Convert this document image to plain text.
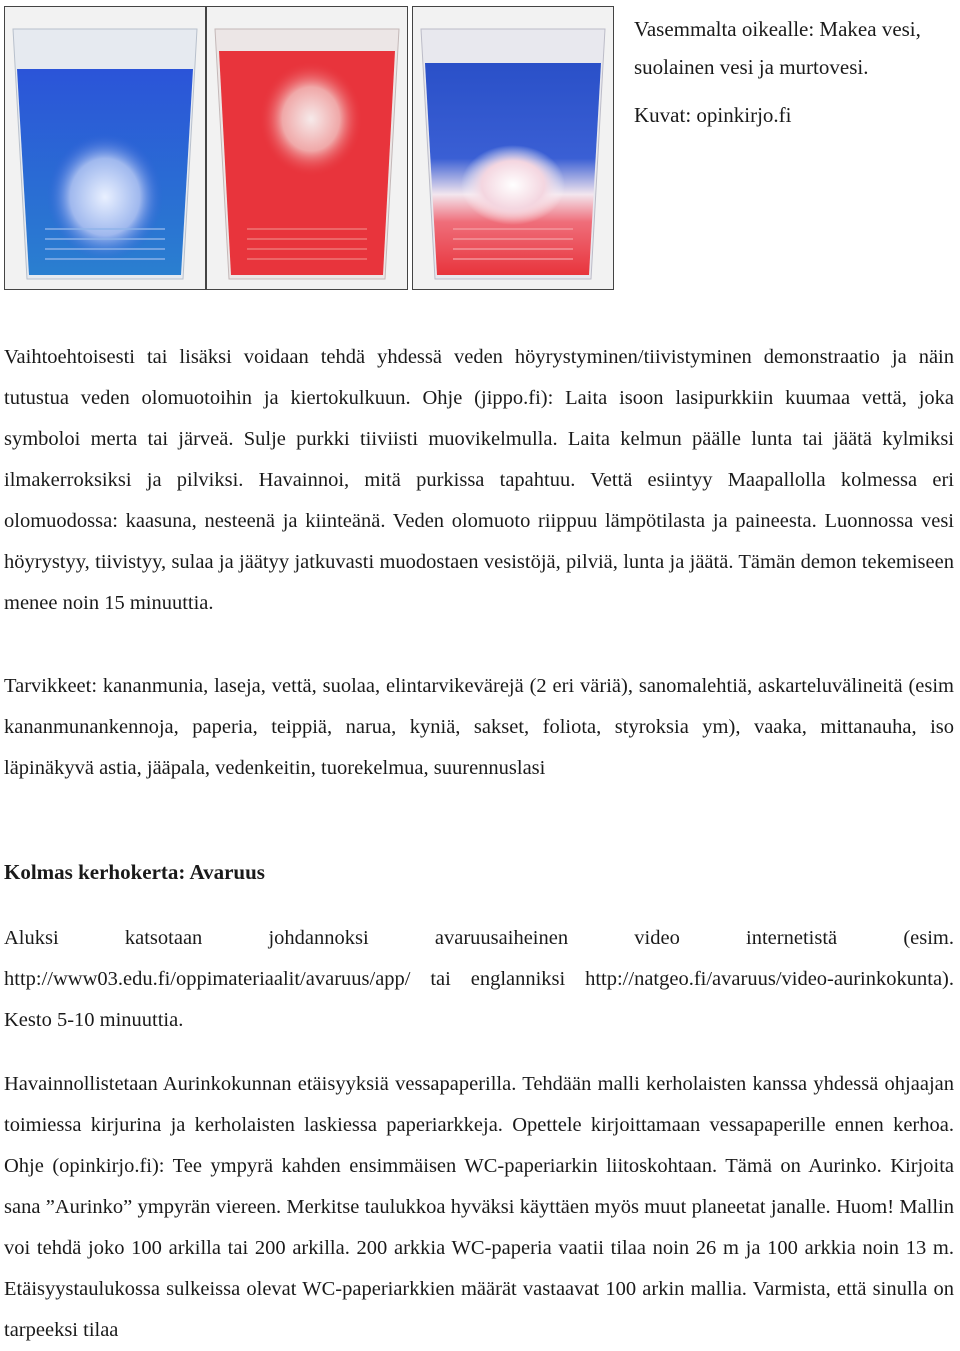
Vasemmalta oikealle: Makea vesi, suolainen vesi ja murtovesi.

Kuvat: opinkirjo.fi

Vaihtoehtoisesti tai lisäksi voidaan tehdä yhdessä veden höyrystyminen/tiivistyminen demonstraatio ja näin tutustua veden olomuotoihin ja kiertokulkuun. Ohje (jippo.fi): Laita isoon lasipurkkiin kuumaa vettä, joka symboloi merta tai järveä. Sulje purkki tiiviisti muovikelmulla. Laita kelmun päälle lunta tai jäätä kylmiksi ilmakerroksiksi ja pilviksi. Havainnoi, mitä purkissa tapahtuu. Vettä esiintyy Maapallolla kolmessa eri olomuodossa: kaasuna, nesteenä ja kiinteänä. Veden olomuoto riippuu lämpötilasta ja paineesta. Luonnossa vesi höyrystyy, tiivistyy, sulaa ja jäätyy jatkuvasti muodostaen vesistöjä, pilviä, lunta ja jäätä. Tämän demon tekemiseen menee noin 15 minuuttia.

Tarvikkeet: kananmunia, laseja, vettä, suolaa, elintarvikevärejä (2 eri väriä), sanomalehtiä, askarteluvälineitä (esim kananmunankennoja, paperia, teippiä, narua, kyniä, sakset, foliota, styroksia ym), vaaka, mittanauha, iso läpinäkyvä astia, jääpala, vedenkeitin, tuorekelmua, suurennuslasi

Kolmas kerhokerta: Avaruus

Aluksi katsotaan johdannoksi avaruusaiheinen video internetistä (esim. http://www03.edu.fi/oppimateriaalit/avaruus/app/ tai englanniksi http://natgeo.fi/avaruus/video-aurinkokunta). Kesto 5-10 minuuttia.

Havainnollistetaan Aurinkokunnan etäisyyksiä vessapaperilla. Tehdään malli kerholaisten kanssa yhdessä ohjaajan toimiessa kirjurina ja kerholaisten laskiessa paperiarkkeja. Opettele kirjoittamaan vessapaperille ennen kerhoa. Ohje (opinkirjo.fi): Tee ympyrä kahden ensimmäisen WC-paperiarkin liitoskohtaan. Tämä on Aurinko. Kirjoita sana ”Aurinko” ympyrän viereen. Merkitse taulukkoa hyväksi käyttäen myös muut planeetat janalle. Huom! Mallin voi tehdä joko 100 arkilla tai 200 arkilla. 200 arkkia WC-paperia vaatii tilaa noin 26 m ja 100 arkkia noin 13 m. Etäisyystaulukossa sulkeissa olevat WC-paperiarkkien määrät vastaavat 100 arkin mallia. Varmista, että sinulla on tarpeeksi tilaa
